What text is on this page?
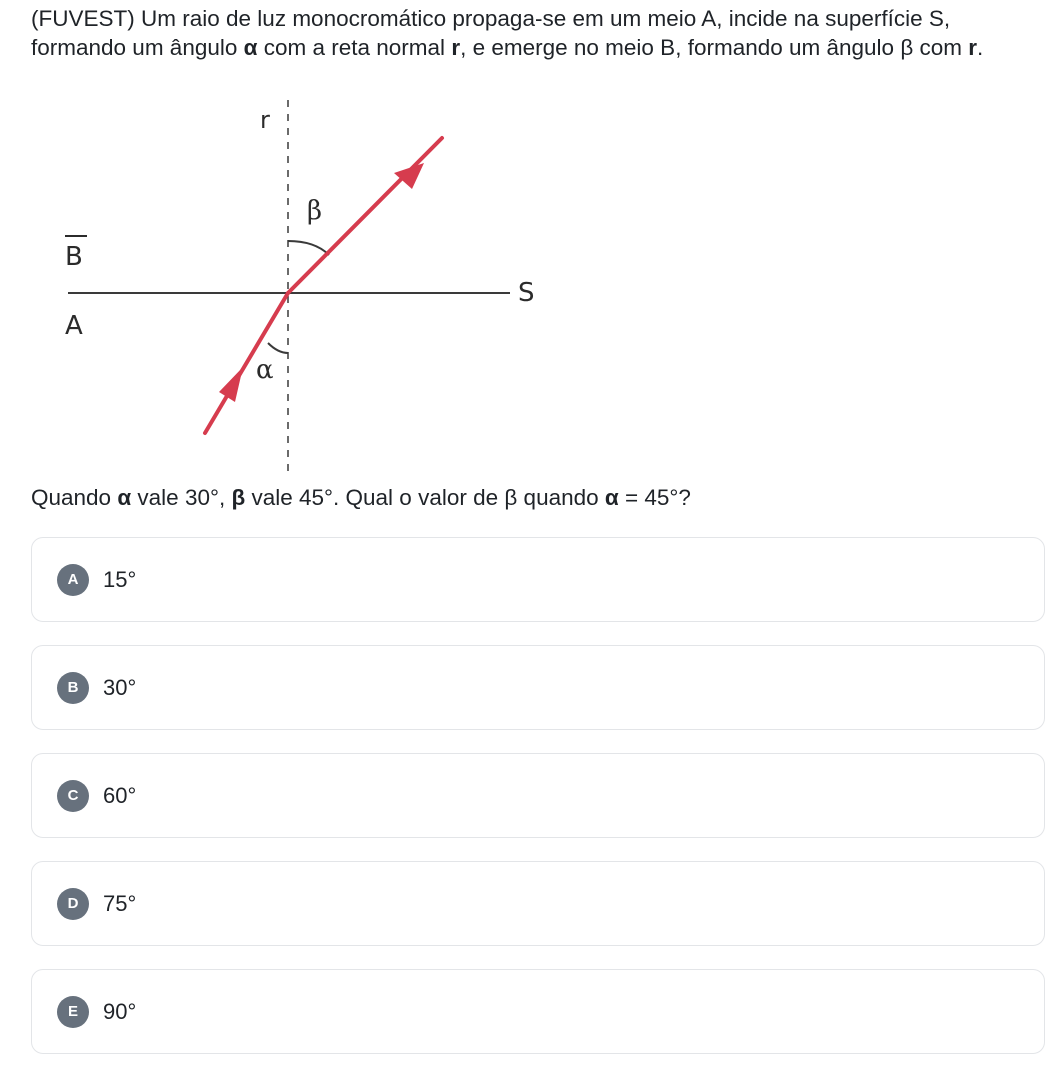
(FUVEST) Um raio de luz monocromático propaga-se em um meio A, incide na superfície S, formando um ângulo α com a reta normal r, e emerge no meio B, formando um ângulo β com r.
r
β
B
A
S
α
Quando α vale 30°, β vale 45°. Qual o valor de β quando α = 45°?
A	15°
B	30°
C	60°
D	75°
E	90°
